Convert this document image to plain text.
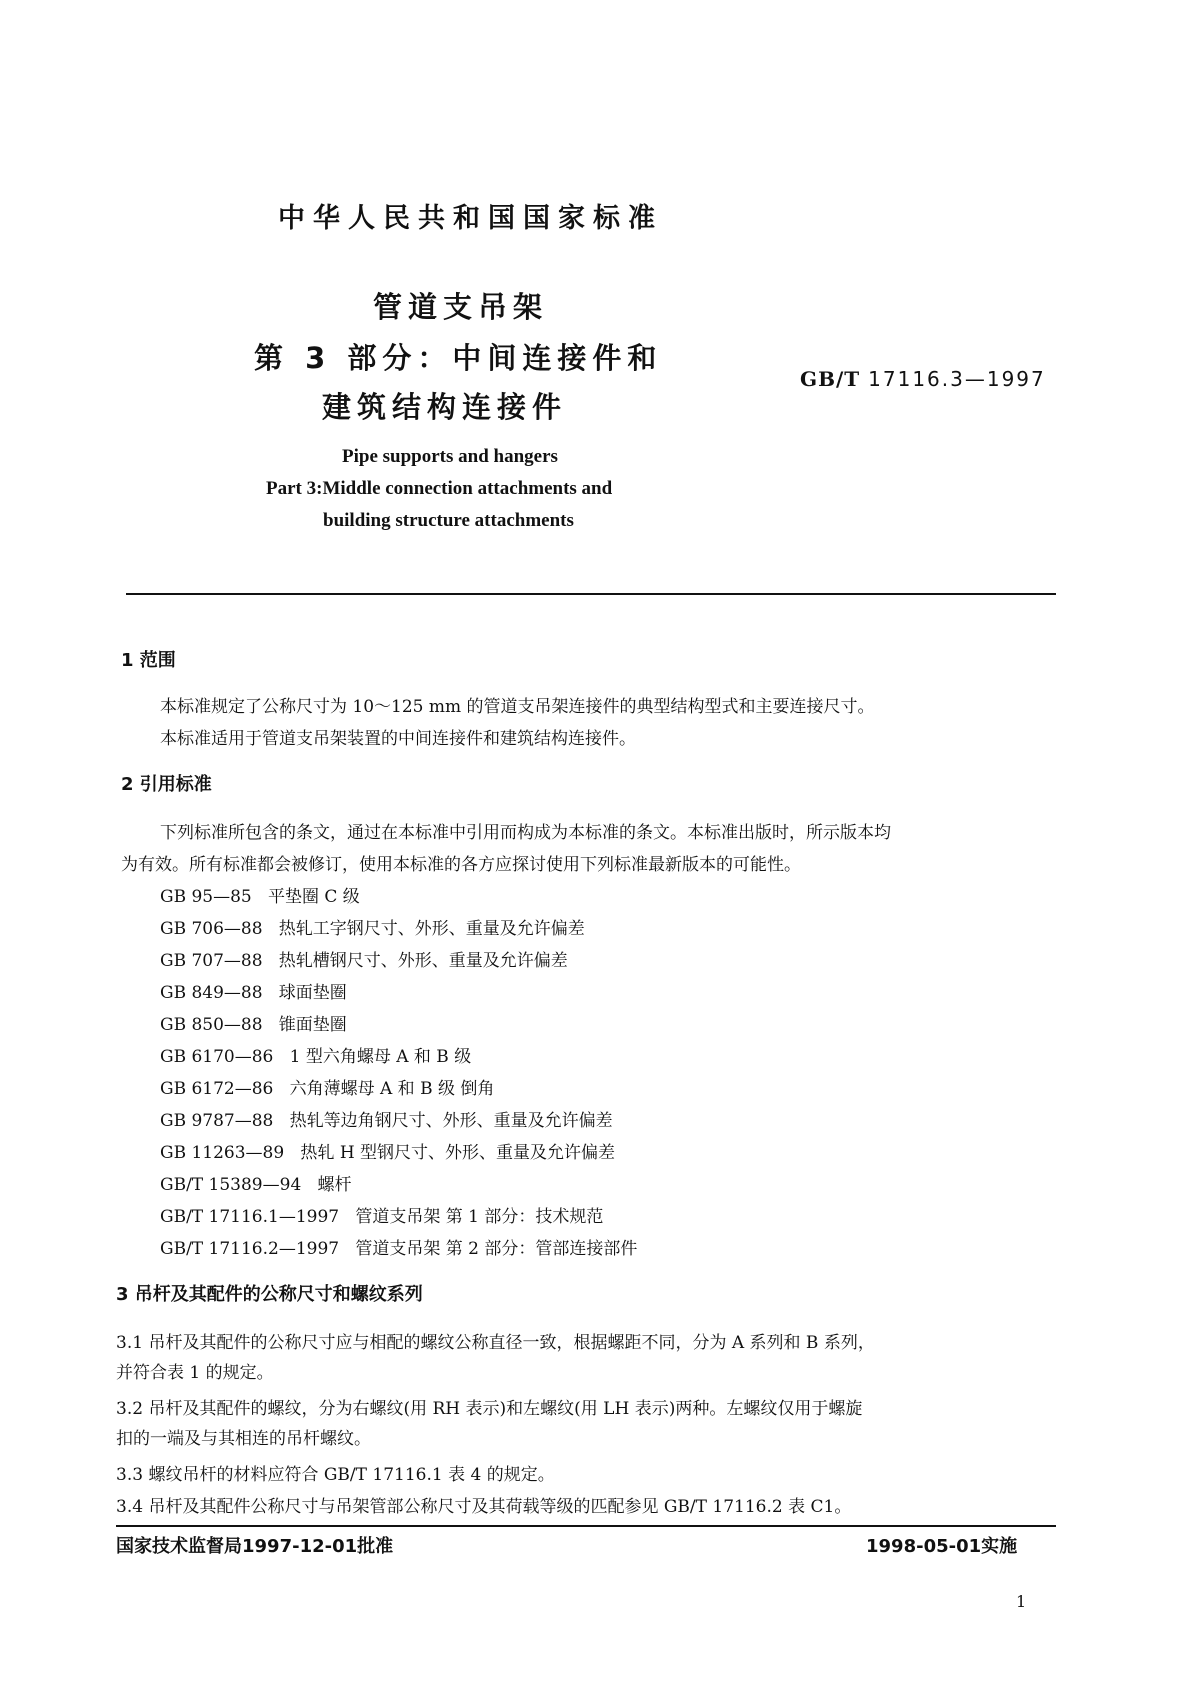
中华人民共和国国家标准
管道支吊架
第 3 部分：中间连接件和
建筑结构连接件
GB/T 17116.3—1997
Pipe supports and hangers
Part 3:Middle connection attachments and
building structure attachments
1 范围
本标准规定了公称尺寸为 10～125 mm 的管道支吊架连接件的典型结构型式和主要连接尺寸。
本标准适用于管道支吊架装置的中间连接件和建筑结构连接件。
2 引用标准
下列标准所包含的条文，通过在本标准中引用而构成为本标准的条文。本标准出版时，所示版本均
为有效。所有标准都会被修订，使用本标准的各方应探讨使用下列标准最新版本的可能性。
GB 95—85 平垫圈 C 级
GB 706—88 热轧工字钢尺寸、外形、重量及允许偏差
GB 707—88 热轧槽钢尺寸、外形、重量及允许偏差
GB 849—88 球面垫圈
GB 850—88 锥面垫圈
GB 6170—86 1 型六角螺母 A 和 B 级
GB 6172—86 六角薄螺母 A 和 B 级 倒角
GB 9787—88 热轧等边角钢尺寸、外形、重量及允许偏差
GB 11263—89 热轧 H 型钢尺寸、外形、重量及允许偏差
GB/T 15389—94 螺杆
GB/T 17116.1—1997 管道支吊架 第 1 部分：技术规范
GB/T 17116.2—1997 管道支吊架 第 2 部分：管部连接部件
3 吊杆及其配件的公称尺寸和螺纹系列
3.1 吊杆及其配件的公称尺寸应与相配的螺纹公称直径一致，根据螺距不同，分为 A 系列和 B 系列，
并符合表 1 的规定。
3.2 吊杆及其配件的螺纹，分为右螺纹(用 RH 表示)和左螺纹(用 LH 表示)两种。左螺纹仅用于螺旋
扣的一端及与其相连的吊杆螺纹。
3.3 螺纹吊杆的材料应符合 GB/T 17116.1 表 4 的规定。
3.4 吊杆及其配件公称尺寸与吊架管部公称尺寸及其荷载等级的匹配参见 GB/T 17116.2 表 C1。
国家技术监督局1997-12-01批准	1998-05-01实施
1
